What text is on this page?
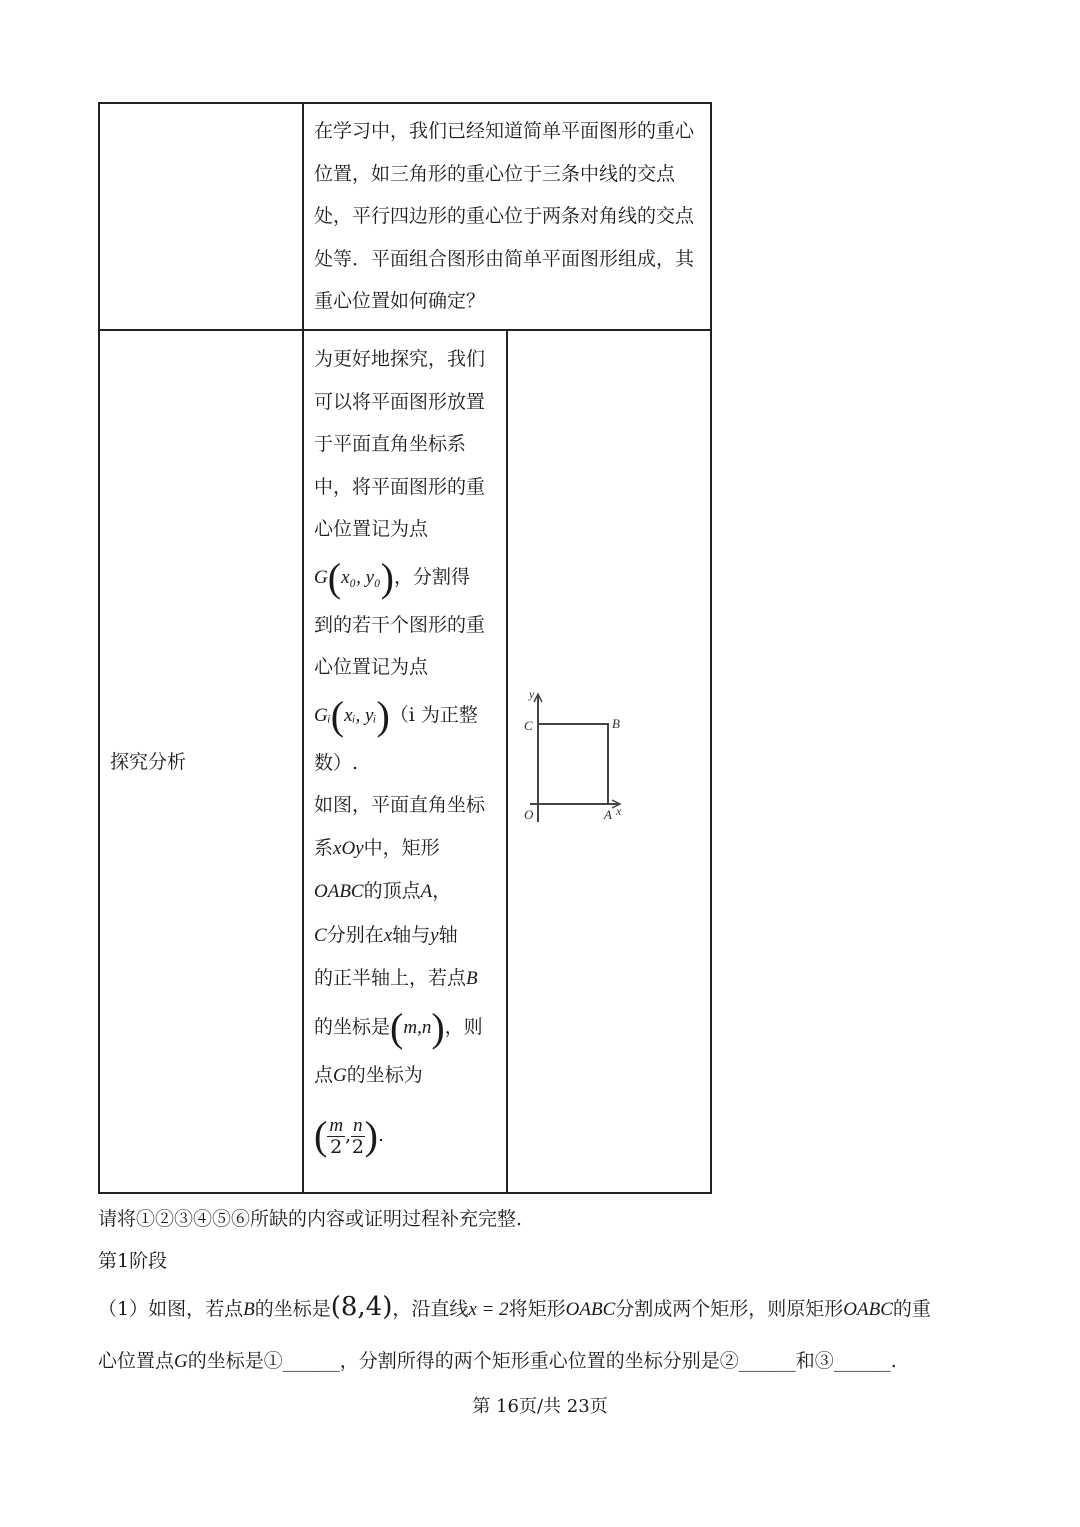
在学习中，我们已经知道简单平面图形的重心位置，如三角形的重心位于三条中线的交点处，平行四边形的重心位于两条对角线的交点处等．平面组合图形由简单平面图形组成，其重心位置如何确定？
探究分析
为更好地探究，我们
可以将平面图形放置
于平面直角坐标系
中，将平面图形的重
心位置记为点
G(x₀, y₀)，分割得
到的若干个图形的重
心位置记为点
Gᵢ(xᵢ, yᵢ)（i 为正整
数）.
如图，平面直角坐标
系xOy中，矩形
OABC的顶点A，
C分别在x轴与y轴
的正半轴上，若点B
的坐标是(m,n)，则
点G的坐标为
( $\frac{m}{2}$ , $\frac{n}{2}$ ).
y
C	B
O	A x
请将①②③④⑤⑥所缺的内容或证明过程补充完整.
第1阶段
（1）如图，若点B的坐标是(8,4)，沿直线x = 2将矩形OABC分割成两个矩形，则原矩形OABC的重
心位置点G的坐标是①______，分割所得的两个矩形重心位置的坐标分别是②______和③______.
第 16页/共 23页
